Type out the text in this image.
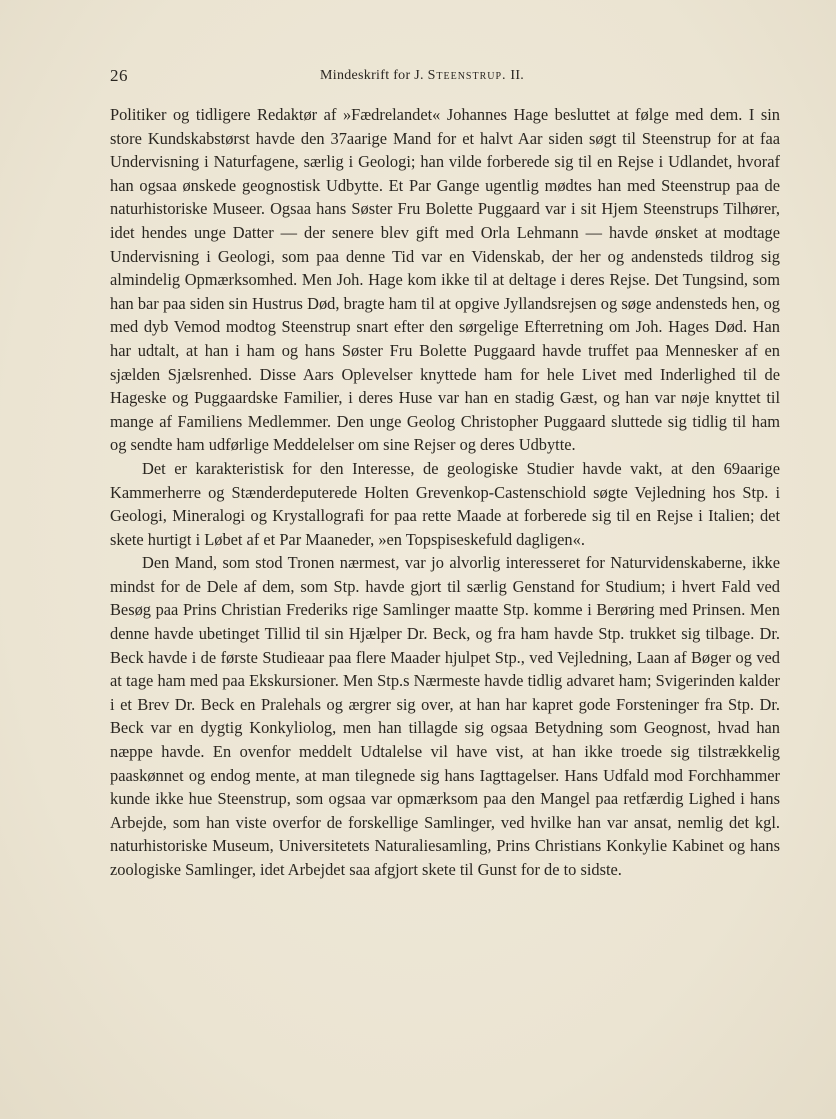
26	Mindeskrift for J. Steenstrup. II.

Politiker og tidligere Redaktør af »Fædrelandet« Johannes Hage besluttet at følge med dem. I sin store Kundskabstørst havde den 37aarige Mand for et halvt Aar siden søgt til Steenstrup for at faa Undervisning i Naturfagene, særlig i Geologi; han vilde forberede sig til en Rejse i Udlandet, hvoraf han ogsaa ønskede geognostisk Udbytte. Et Par Gange ugentlig mødtes han med Steenstrup paa de naturhistoriske Museer. Ogsaa hans Søster Fru Bolette Puggaard var i sit Hjem Steenstrups Tilhører, idet hendes unge Datter — der senere blev gift med Orla Lehmann — havde ønsket at modtage Undervisning i Geologi, som paa denne Tid var en Videnskab, der her og andensteds tildrog sig almindelig Opmærksomhed. Men Joh. Hage kom ikke til at deltage i deres Rejse. Det Tungsind, som han bar paa siden sin Hustrus Død, bragte ham til at opgive Jyllandsrejsen og søge andensteds hen, og med dyb Vemod modtog Steenstrup snart efter den sørgelige Efterretning om Joh. Hages Død. Han har udtalt, at han i ham og hans Søster Fru Bolette Puggaard havde truffet paa Mennesker af en sjælden Sjælsrenhed. Disse Aars Oplevelser knyttede ham for hele Livet med Inderlighed til de Hageske og Puggaardske Familier, i deres Huse var han en stadig Gæst, og han var nøje knyttet til mange af Familiens Medlemmer. Den unge Geolog Christopher Puggaard sluttede sig tidlig til ham og sendte ham udførlige Meddelelser om sine Rejser og deres Udbytte.

Det er karakteristisk for den Interesse, de geologiske Studier havde vakt, at den 69aarige Kammerherre og Stænderdeputerede Holten Grevenkop-Castenschiold søgte Vejledning hos Stp. i Geologi, Mineralogi og Krystallografi for paa rette Maade at forberede sig til en Rejse i Italien; det skete hurtigt i Løbet af et Par Maaneder, »en Topspiseskefuld dagligen«.

Den Mand, som stod Tronen nærmest, var jo alvorlig interesseret for Naturvidenskaberne, ikke mindst for de Dele af dem, som Stp. havde gjort til særlig Genstand for Studium; i hvert Fald ved Besøg paa Prins Christian Frederiks rige Samlinger maatte Stp. komme i Berøring med Prinsen. Men denne havde ubetinget Tillid til sin Hjælper Dr. Beck, og fra ham havde Stp. trukket sig tilbage. Dr. Beck havde i de første Studieaar paa flere Maader hjulpet Stp., ved Vejledning, Laan af Bøger og ved at tage ham med paa Ekskursioner. Men Stp.s Nærmeste havde tidlig advaret ham; Svigerinden kalder i et Brev Dr. Beck en Pralehals og ærgrer sig over, at han har kapret gode Forsteninger fra Stp. Dr. Beck var en dygtig Konkyliolog, men han tillagde sig ogsaa Betydning som Geognost, hvad han næppe havde. En ovenfor meddelt Udtalelse vil have vist, at han ikke troede sig tilstrækkelig paaskønnet og endog mente, at man tilegnede sig hans Iagttagelser. Hans Udfald mod Forchhammer kunde ikke hue Steenstrup, som ogsaa var opmærksom paa den Mangel paa retfærdig Lighed i hans Arbejde, som han viste overfor de forskellige Samlinger, ved hvilke han var ansat, nemlig det kgl. naturhistoriske Museum, Universitetets Naturaliesamling, Prins Christians Konkylie Kabinet og hans zoologiske Samlinger, idet Arbejdet saa afgjort skete til Gunst for de to sidste.
